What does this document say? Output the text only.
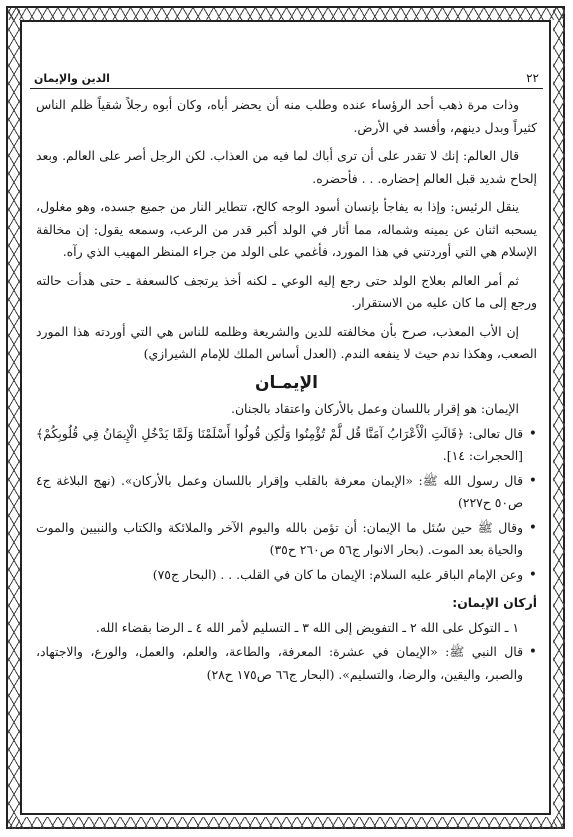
الدين والإيمان	٢٢

وذات مرة ذهب أحد الرؤساء عنده وطلب منه أن يحضر أباه، وكان أبوه رجلاً شقياً ظلم الناس كثيراً وبدل دينهم، وأفسد في الأرض.

قال العالم: إنك لا تقدر على أن ترى أباك لما فيه من العذاب. لكن الرجل أصر على العالم. وبعد إلحاح شديد قبل العالم إحضاره. . . فأحضره.

ينقل الرئيس: وإذا به يفاجأ بإنسان أسود الوجه كالح، تتطاير النار من جميع جسده، وهو مغلول، يسحبه اثنان عن يمينه وشماله، مما أثار في الولد أكبر قدر من الرعب، وسمعه يقول: إن مخالفة الإسلام هي التي أوردتني في هذا المورد، فأغمي على الولد من جراء المنظر المهيب الذي رآه.

ثم أمر العالم بعلاج الولد حتى رجع إليه الوعي ـ لكنه أخذ يرتجف كالسعفة ـ حتى هدأت حالته ورجع إلى ما كان عليه من الاستقرار.

إن الأب المعذب، صرح بأن مخالفته للدين والشريعة وظلمه للناس هي التي أوردته هذا المورد الصعب، وهكذا ندم حيث لا ينفعه الندم. (العدل أساس الملك للإمام الشيرازي)

الإيمـان

الإيمان: هو إقرار باللسان وعمل بالأركان واعتقاد بالجنان.

• قال تعالى: ﴿قَالَتِ الْأَعْرَابُ آمَنَّا قُل لَّمْ تُؤْمِنُوا وَلَٰكِن قُولُوا أَسْلَمْنَا وَلَمَّا يَدْخُلِ الْإِيمَانُ فِي قُلُوبِكُمْ﴾ [الحجرات: ١٤].

• قال رسول الله ﷺ: «الإيمان معرفة بالقلب وإقرار باللسان وعمل بالأركان». (نهج البلاغة ج٤ ص٥٠ ح٢٢٧)

• وقال ﷺ حين سُئل ما الإيمان: أن تؤمن بالله واليوم الآخر والملائكة والكتاب والنبيين والموت والحياة بعد الموت. (بحار الانوار ج٥٦ ص٢٦٠ ح٣٥)

• وعن الإمام الباقر عليه السلام: الإيمان ما كان في القلب. . . (البحار ج٧٥)

أركان الإيمان:

١ ـ التوكل على الله ٢ ـ التفويض إلى الله ٣ ـ التسليم لأمر الله ٤ ـ الرضا بقضاء الله.

• قال النبي ﷺ: «الإيمان في عشرة: المعرفة، والطاعة، والعلم، والعمل، والورع، والاجتهاد، والصبر، واليقين، والرضا، والتسليم». (البحار ج٦٦ ص١٧٥ ح٢٨)
